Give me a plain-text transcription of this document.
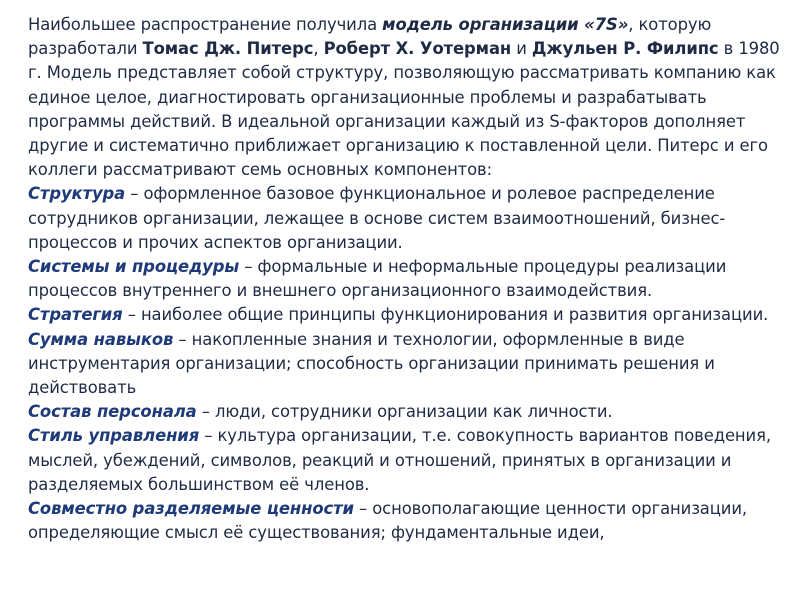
Наибольшее распространение получила модель организации «7S», которую разработали Томас Дж. Питерс, Роберт Х. Уотерман и Джульен Р. Филипс в 1980 г. Модель представляет собой структуру, позволяющую рассматривать компанию как единое целое, диагностировать организационные проблемы и разрабатывать программы действий. В идеальной организации каждый из S-факторов дополняет другие и систематично приближает организацию к поставленной цели. Питерс и его коллеги рассматривают семь основных компонентов:

Структура – оформленное базовое функциональное и ролевое распределение сотрудников организации, лежащее в основе систем взаимоотношений, бизнес-процессов и прочих аспектов организации.

Системы и процедуры – формальные и неформальные процедуры реализации процессов внутреннего и внешнего организационного взаимодействия.

Стратегия – наиболее общие принципы функционирования и развития организации.

Сумма навыков – накопленные знания и технологии, оформленные в виде инструментария организации; способность организации принимать решения и действовать

Состав персонала – люди, сотрудники организации как личности.

Стиль управления – культура организации, т.е. совокупность вариантов поведения, мыслей, убеждений, символов, реакций и отношений, принятых в организации и разделяемых большинством её членов.

Совместно разделяемые ценности – основополагающие ценности организации, определяющие смысл её существования; фундаментальные идеи,
